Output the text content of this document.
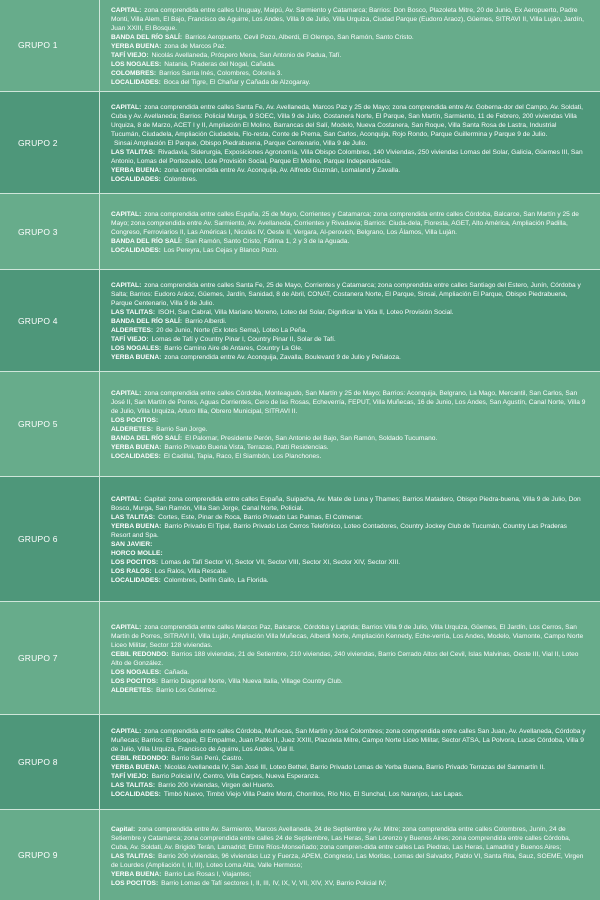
GRUPO 1

CAPITAL: zona comprendida entre calles Uruguay, Maipú, Av. Sarmiento y Catamarca; Barrios: Don Bosco, Plazoleta Mitre, 20 de Junio, Ex Aeropuerto, Padre Monti, Villa Alem, El Bajo, Francisco de Aguirre, Los Andes, Villa 9 de Julio, Villa Urquiza, Ciudad Parque (Eudoro Araoz), Güemes, SITRAVI II, Villa Luján, Jardín, Juan XXIII, El Bosque.

BANDA DEL RÍO SALÍ: Barrios Aeropuerto, Cevil Pozo, Alberdi, El Olempo, San Ramón, Santo Cristo.

YERBA BUENA: zona de Marcos Paz.

TAFÍ VIEJO: Nicolás Avellaneda, Próspero Mena, San Antonio de Padua, Tafí.

LOS NOGALES: Natania, Praderas del Nogal, Cañada.

COLOMBRES: Barrios Santa Inés, Colombres, Colonia 3.

LOCALIDADES: Boca del Tigre, El Chañar y Cañada de Alzogaray.

GRUPO 2

CAPITAL: zona comprendida entre calles Santa Fe, Av. Avellaneda, Marcos Paz y 25 de Mayo; zona comprendida entre Av. Goberna-dor del Campo, Av. Soldati, Cuba y Av. Avellaneda; Barrios: Policial Murga, 9 SOEC, Villa 9 de Julio, Costanera Norte, El Parque, San Martín, Sarmiento, 11 de Febrero, 200 viviendas Villa Urquiza, 8 de Marzo, ACET I y II, Ampliación El Molino, Barrancas del Salí, Modelo, Nueva Costanera, San Roque, Villa Santa Rosa de Lastra, Industrial Tucumán, Ciudadela, Ampliación Ciudadela, Flo-resta, Conte de Prema, San Carlos, Aconquija, Rojo Rondo, Parque Guillermina y Parque 9 de Julio.

Sinsai Ampliación El Parque, Obispo Piedrabuena, Parque Centenario, Villa 9 de Julio.

LAS TALITAS: Rivadavia, Siderurgia, Exposiciones Agronomía, Villa Obispo Colombres, 140 Viviendas, 250 viviendas Lomas del Solar, Galicia, Güemes III, San Antonio, Lomas del Portezuelo, Lote Provisión Social, Parque El Molino, Parque Independencia.

YERBA BUENA: zona comprendida entre Av. Aconquija, Av. Alfredo Guzmán, Lomaland y Zavalla.

LOCALIDADES: Colombres.

GRUPO 3

CAPITAL: zona comprendida entre calles España, 25 de Mayo, Corrientes y Catamarca; zona comprendida entre calles Córdoba, Balcarce, San Martín y 25 de Mayo; zona comprendida entre Av. Sarmiento, Av. Avellaneda, Corrientes y Rivadavia; Barrios: Ciuda-dela, Floresta, AGET, Alto América, Ampliación Padilla, Congreso, Ferroviarios II, Las Américas I, Nicolás IV, Oeste II, Vergara, Al-perovich, Belgrano, Los Álamos, Villa Luján.

BANDA DEL RÍO SALÍ: San Ramón, Santo Cristo, Fátima 1, 2 y 3 de la Aguada.

LOCALIDADES: Los Pereyra, Las Cejas y Blanco Pozo.

GRUPO 4

CAPITAL: zona comprendida entre calles Santa Fe, 25 de Mayo, Corrientes y Catamarca; zona comprendida entre calles Santiago del Estero, Junín, Córdoba y Salta; Barrios: Eudoro Aráoz, Güemes, Jardín, Sanidad, 8 de Abril, CONAT, Costanera Norte, El Parque, Sinsai, Ampliación El Parque, Obispo Piedrabuena, Parque Centenario, Villa 9 de Julio.

LAS TALITAS: ISOH, San Cabral, Villa Mariano Moreno, Loteo del Solar, Dignificar la Vida II, Loteo Provisión Social.

BANDA DEL RÍO SALÍ: Barrio Alberdi.

ALDERETES: 20 de Junio, Norte (Ex lotes Sema), Loteo La Peña.

TAFÍ VIEJO: Lomas de Tafí y Country Pinar I, Country Pinar II, Solar de Tafí.

LOS NOGALES: Barrio Camino Aire de Antares, Country La Gle.

YERBA BUENA: zona comprendida entre Av. Aconquija, Zavalla, Boulevard 9 de Julio y Peñaloza.

GRUPO 5

CAPITAL: zona comprendida entre calles Córdoba, Monteagudo, San Martín y 25 de Mayo; Barrios: Aconquija, Belgrano, La Mago, Mercantil, San Carlos, San José II, San Martín de Porres, Aguas Corrientes, Cero de las Rosas, Echeverría, FEPUT, Villa Muñecas, 16 de Junio, Los Andes, San Agustín, Canal Norte, Villa 9 de Julio, Villa Urquiza, Arturo Illia, Obrero Municipal, SITRAVI II.

LOS POCITOS:

ALDERETES: Barrio San Jorge.

BANDA DEL RÍO SALÍ: El Palomar, Presidente Perón, San Antonio del Bajo, San Ramón, Soldado Tucumano.

YERBA BUENA: Barrio Privado Buena Vista, Terrazas, Patti Residencias.

LOCALIDADES: El Cadillal, Tapia, Raco, El Siambón, Los Planchones.

GRUPO 6

CAPITAL: Capital: zona comprendida entre calles España, Suipacha, Av. Mate de Luna y Thames; Barrios Matadero, Obispo Piedra-buena, Villa 9 de Julio, Don Bosco, Murga, San Ramón, Villa San Jorge, Canal Norte, Policial.

LAS TALITAS: Cortes, Este, Pinar de Roca, Barrio Privado Las Palmas, El Colmenar.

YERBA BUENA: Barrio Privado El Tipal, Barrio Privado Los Cerros Telefónico, Loteo Contadores, Country Jockey Club de Tucumán, Country Las Praderas Resort and Spa.

SAN JAVIER:

HORCO MOLLE:

LOS POCITOS: Lomas de Tafí Sector VI, Sector VII, Sector VIII, Sector XI, Sector XIV, Sector XIII.

LOS RALOS: Los Ralos, Villa Rescate.

LOCALIDADES: Colombres, Delfín Gallo, La Florida.

GRUPO 7

CAPITAL: zona comprendida entre calles Marcos Paz, Balcarce, Córdoba y Laprida; Barrios Villa 9 de Julio, Villa Urquiza, Güemes, El Jardín, Los Cerros, San Martín de Porres, SITRAVI II, Villa Luján, Ampliación Villa Muñecas, Alberdi Norte, Ampliación Kennedy, Eche-verría, Los Andes, Modelo, Viamonte, Campo Norte Liceo Militar, Sector 128 viviendas.

CEBIL REDONDO: Barrios 188 viviendas, 21 de Setiembre, 210 viviendas, 240 viviendas, Barrio Cerrado Altos del Cevil, Islas Malvinas, Oeste III, Vial II, Loteo Alto de González.

LOS NOGALES: Cañada.

LOS POCITOS: Barrio Diagonal Norte, Villa Nueva Italia, Village Country Club.

ALDERETES: Barrio Los Gutiérrez.

GRUPO 8

CAPITAL: zona comprendida entre calles Córdoba, Muñecas, San Martín y José Colombres; zona comprendida entre calles San Juan, Av. Avellaneda, Córdoba y Muñecas; Barrios: El Bosque, El Empalme, Juan Pablo II, Juez XXIII, Plazoleta Mitre, Campo Norte Liceo Militar, Sector ATSA, La Polvora, Lucas Córdoba, Villa 9 de Julio, Villa Urquiza, Francisco de Aguirre, Los Andes, Vial II.

CEBIL REDONDO: Barrio San Perú, Castro.

YERBA BUENA: Nicolás Avellaneda IV, San José III, Loteo Bethel, Barrio Privado Lomas de Yerba Buena, Barrio Privado Terrazas del Sanmartín II.

TAFÍ VIEJO: Barrio Policial IV, Centro, Villa Carpes, Nueva Esperanza.

LAS TALITAS: Barrio 200 viviendas, Virgen del Huerto.

LOCALIDADES: Timbó Nuevo, Timbó Viejo Villa Padre Monti, Chorrillos, Río Nío, El Sunchal, Los Naranjos, Las Lapas.

GRUPO 9

Capital: zona comprendida entre Av. Sarmiento, Marcos Avellaneda, 24 de Septiembre y Av. Mitre; zona comprendida entre calles Colombres, Junín, 24 de Setiembre y Catamarca; zona comprendida entre calles 24 de Septiembre, Las Heras, San Lorenzo y Buenos Aires; zona comprendida entre calles Córdoba, Cuba, Av. Soldati, Av. Brigido Terán, Lamadrid; Entre Ríos-Monseñado; zona compren-dida entre calles Las Piedras, Las Heras, Lamadrid y Buenos Aires;

LAS TALITAS: Barrio 200 viviendas, 96 viviendas Luz y Fuerza, APEM, Congreso, Las Moritas, Lomas del Salvador, Pablo VI, Santa Rita, Sauz, SOEME, Virgen de Lourdes (Ampliación I, II, III), Loteo Loma Alta, Valle Hermoso;

YERBA BUENA: Barrio Las Rosas I, Viajantes;

LOS POCITOS: Barrio Lomas de Tafí sectores I, II, III, IV, IX, V, VII, XIV, XV, Barrio Policial IV;
